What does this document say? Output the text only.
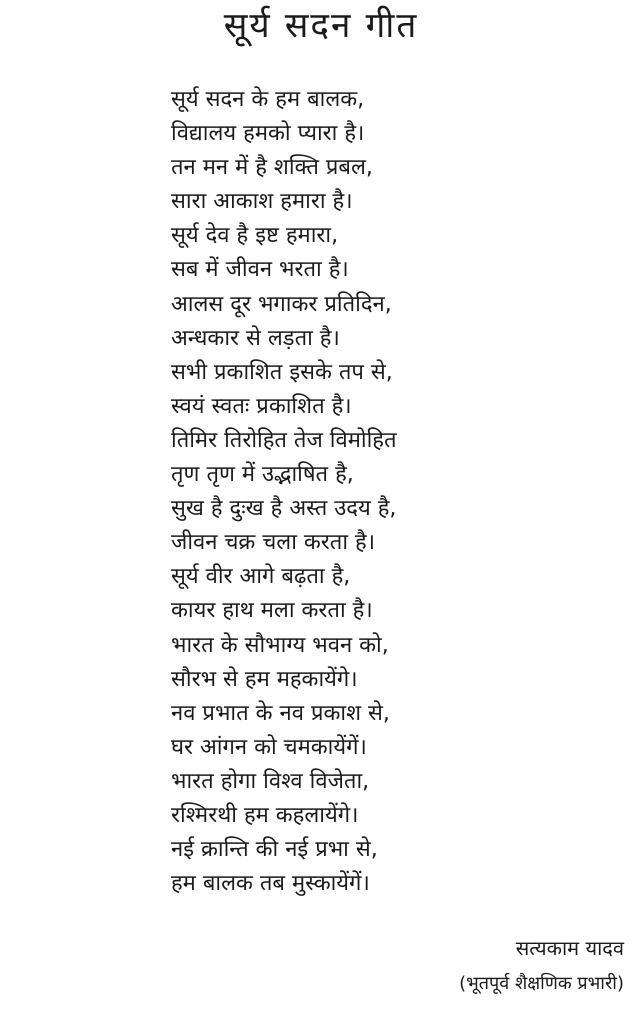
सूर्य सदन गीत
सूर्य सदन के हम बालक,
विद्यालय हमको प्यारा है।
तन मन में है शक्ति प्रबल,
सारा आकाश हमारा है।
सूर्य देव है इष्ट हमारा,
सब में जीवन भरता है।
आलस दूर भगाकर प्रतिदिन,
अन्धकार से लड़ता है।
सभी प्रकाशित इसके तप से,
स्वयं स्वतः प्रकाशित है।
तिमिर तिरोहित तेज विमोहित
तृण तृण में उद्भाषित है,
सुख है दुःख है अस्त उदय है,
जीवन चक्र चला करता है।
सूर्य वीर आगे बढ़ता है,
कायर हाथ मला करता है।
भारत के सौभाग्य भवन को,
सौरभ से हम महकायेंगे।
नव प्रभात के नव प्रकाश से,
घर आंगन को चमकायेंगें।
भारत होगा विश्व विजेता,
रश्मिरथी हम कहलायेंगे।
नई क्रान्ति की नई प्रभा से,
हम बालक तब मुस्कायेंगें।
सत्यकाम यादव
(भूतपूर्व शैक्षणिक प्रभारी)
